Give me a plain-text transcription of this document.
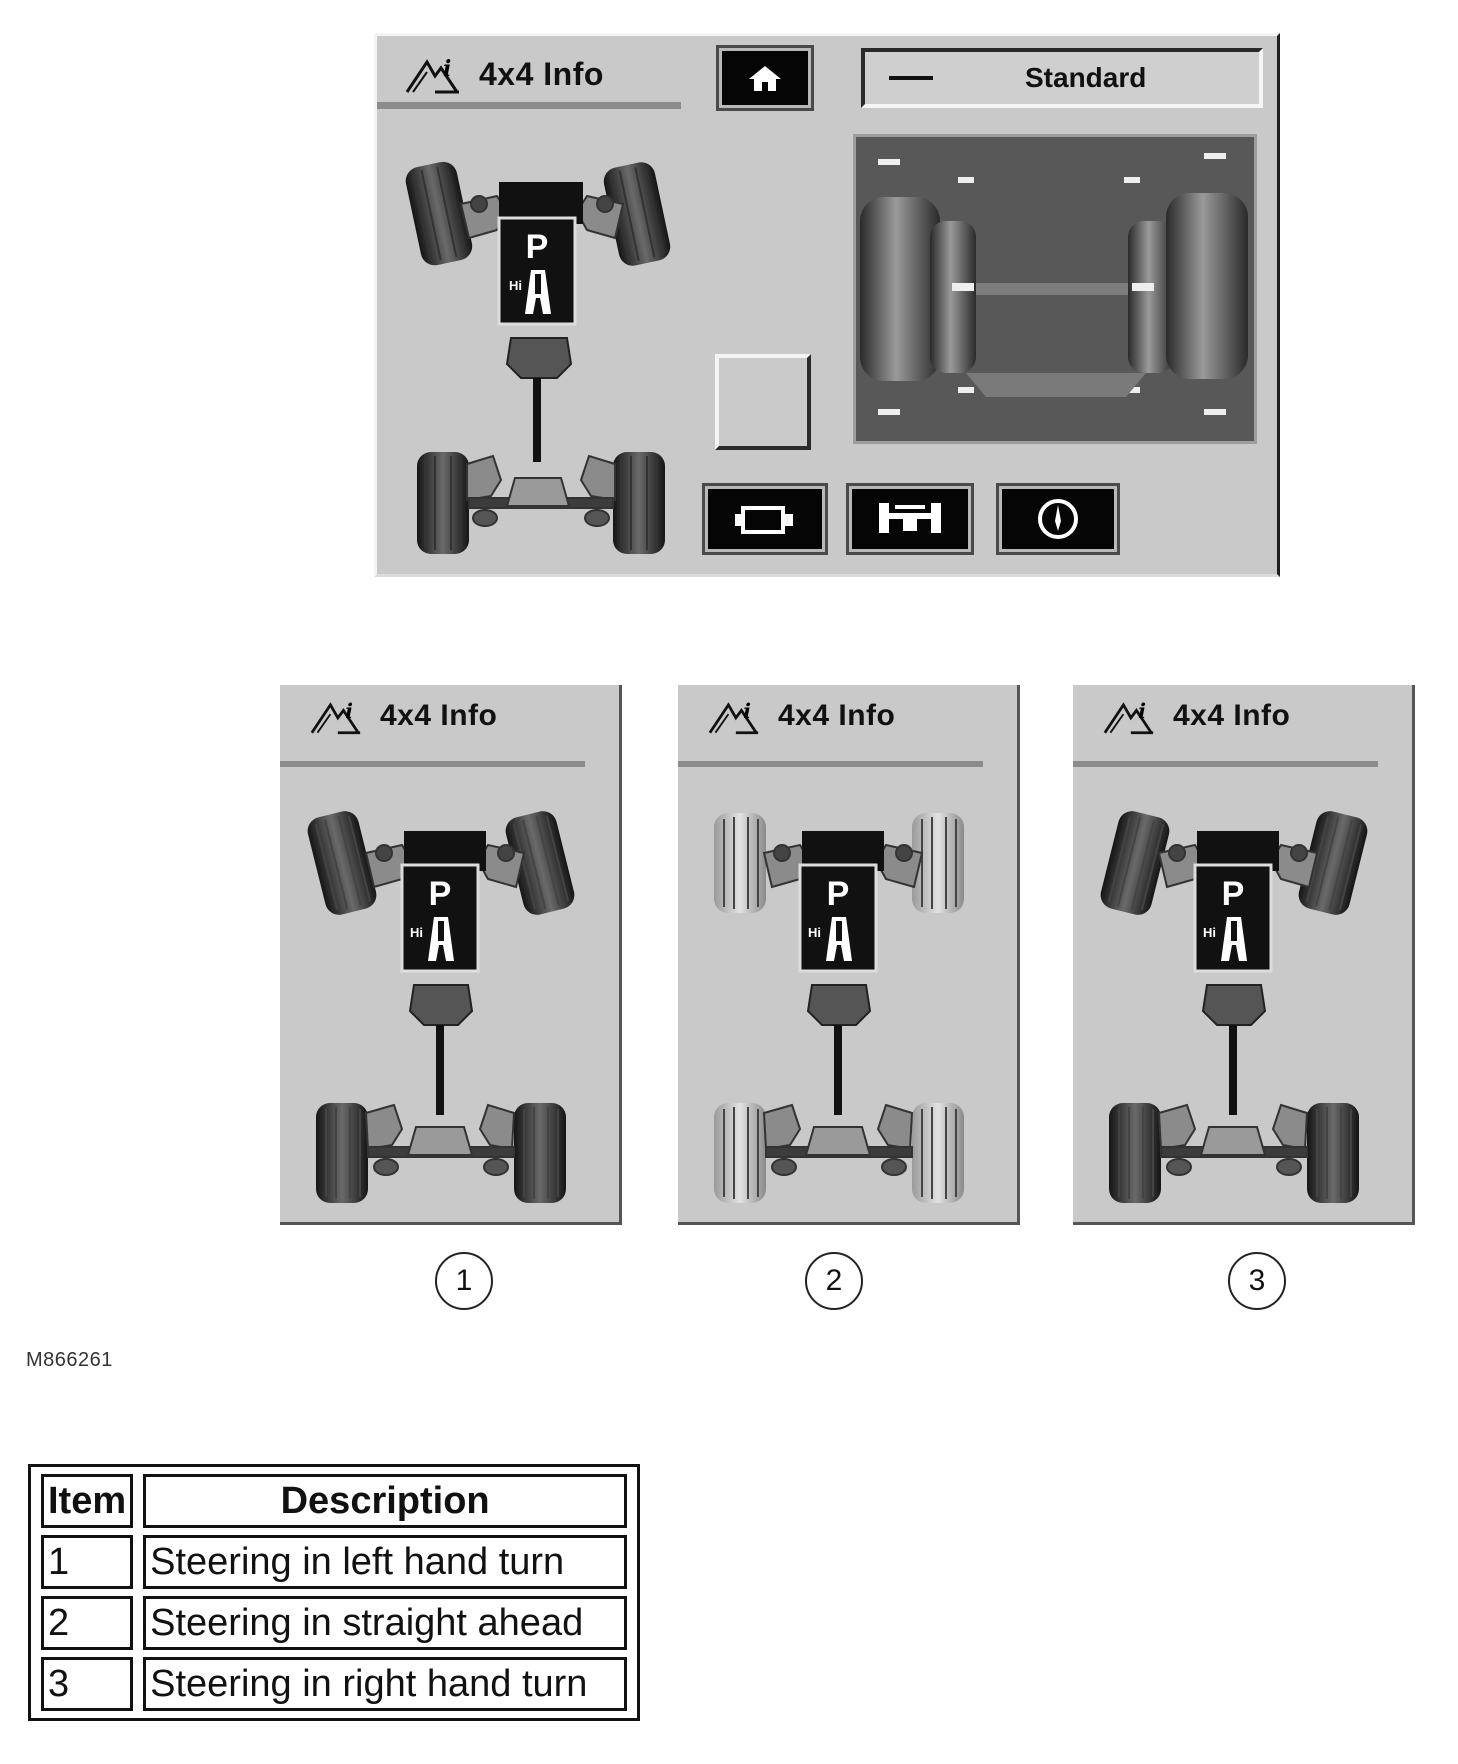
i 4x4 Info	Standard
P
Hi
i 4x4 Info
P
Hi
i 4x4 Info
P
Hi
i 4x4 Info
P
Hi
1	2	3
M866261
Item	Description
1	Steering in left hand turn
2	Steering in straight ahead
3	Steering in right hand turn
